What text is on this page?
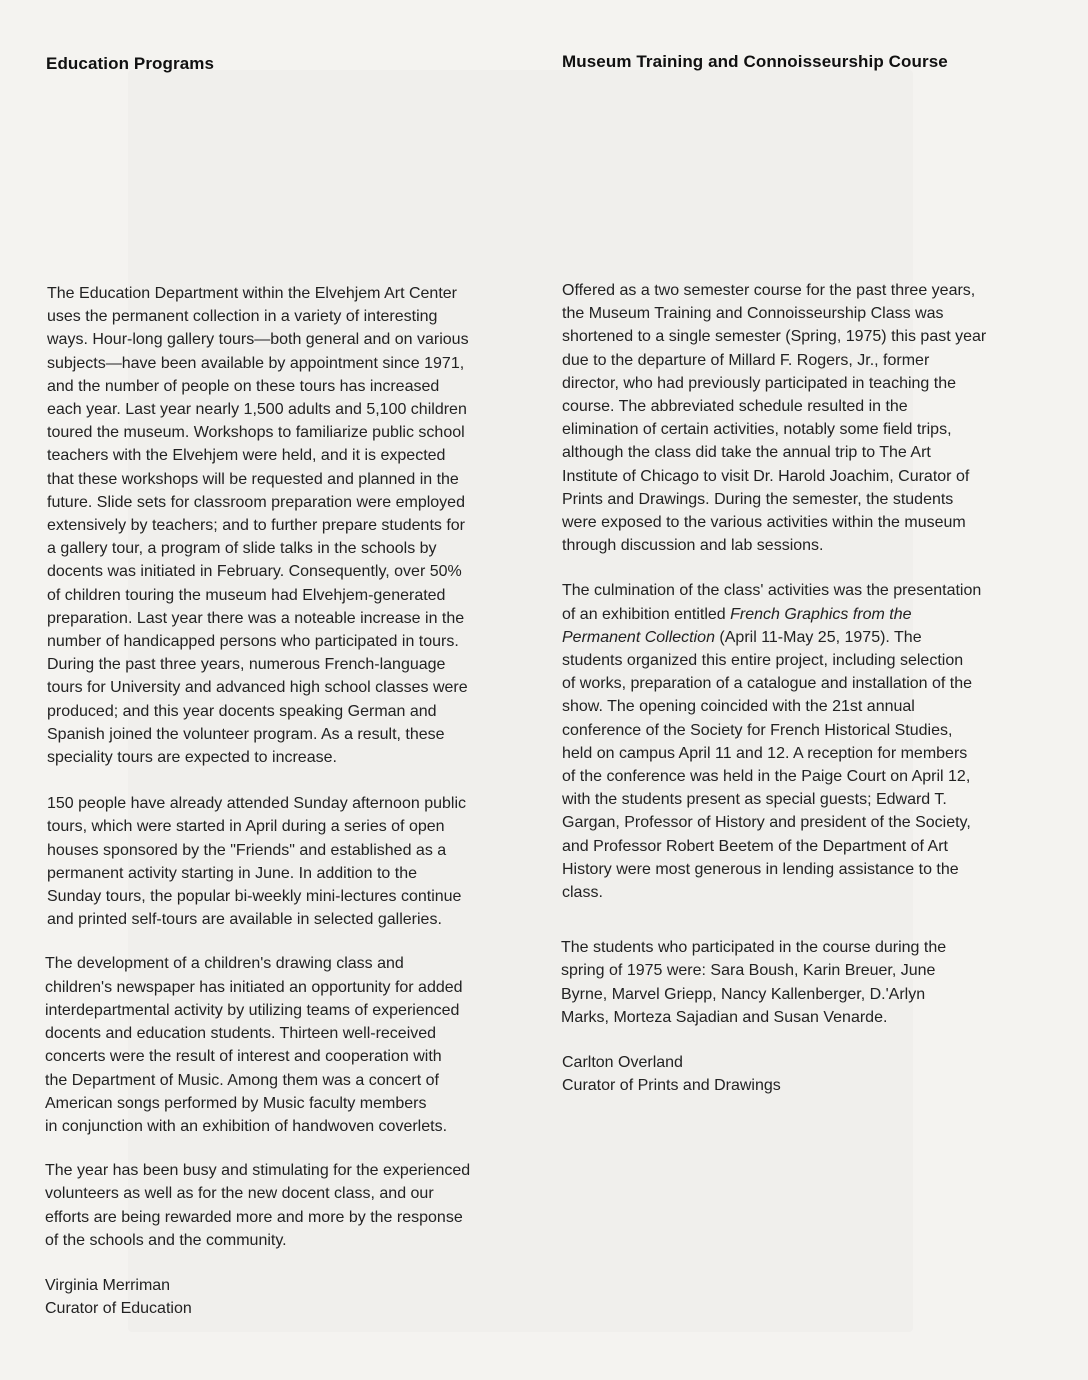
Education Programs	Museum Training and Connoisseurship Course

The Education Department within the Elvehjem Art Center
uses the permanent collection in a variety of interesting
ways. Hour-long gallery tours—both general and on various
subjects—have been available by appointment since 1971,
and the number of people on these tours has increased
each year. Last year nearly 1,500 adults and 5,100 children
toured the museum. Workshops to familiarize public school
teachers with the Elvehjem were held, and it is expected
that these workshops will be requested and planned in the
future. Slide sets for classroom preparation were employed
extensively by teachers; and to further prepare students for
a gallery tour, a program of slide talks in the schools by
docents was initiated in February. Consequently, over 50%
of children touring the museum had Elvehjem-generated
preparation. Last year there was a noteable increase in the
number of handicapped persons who participated in tours.
During the past three years, numerous French-language
tours for University and advanced high school classes were
produced; and this year docents speaking German and
Spanish joined the volunteer program. As a result, these
speciality tours are expected to increase.

150 people have already attended Sunday afternoon public
tours, which were started in April during a series of open
houses sponsored by the "Friends" and established as a
permanent activity starting in June. In addition to the
Sunday tours, the popular bi-weekly mini-lectures continue
and printed self-tours are available in selected galleries.

The development of a children's drawing class and
children's newspaper has initiated an opportunity for added
interdepartmental activity by utilizing teams of experienced
docents and education students. Thirteen well-received
concerts were the result of interest and cooperation with
the Department of Music. Among them was a concert of
American songs performed by Music faculty members
in conjunction with an exhibition of handwoven coverlets.

The year has been busy and stimulating for the experienced
volunteers as well as for the new docent class, and our
efforts are being rewarded more and more by the response
of the schools and the community.

Virginia Merriman
Curator of Education

Offered as a two semester course for the past three years,
the Museum Training and Connoisseurship Class was
shortened to a single semester (Spring, 1975) this past year
due to the departure of Millard F. Rogers, Jr., former
director, who had previously participated in teaching the
course. The abbreviated schedule resulted in the
elimination of certain activities, notably some field trips,
although the class did take the annual trip to The Art
Institute of Chicago to visit Dr. Harold Joachim, Curator of
Prints and Drawings. During the semester, the students
were exposed to the various activities within the museum
through discussion and lab sessions.

The culmination of the class' activities was the presentation
of an exhibition entitled French Graphics from the
Permanent Collection (April 11-May 25, 1975). The
students organized this entire project, including selection
of works, preparation of a catalogue and installation of the
show. The opening coincided with the 21st annual
conference of the Society for French Historical Studies,
held on campus April 11 and 12. A reception for members
of the conference was held in the Paige Court on April 12,
with the students present as special guests; Edward T.
Gargan, Professor of History and president of the Society,
and Professor Robert Beetem of the Department of Art
History were most generous in lending assistance to the
class.

The students who participated in the course during the
spring of 1975 were: Sara Boush, Karin Breuer, June
Byrne, Marvel Griepp, Nancy Kallenberger, D.'Arlyn
Marks, Morteza Sajadian and Susan Venarde.

Carlton Overland
Curator of Prints and Drawings
